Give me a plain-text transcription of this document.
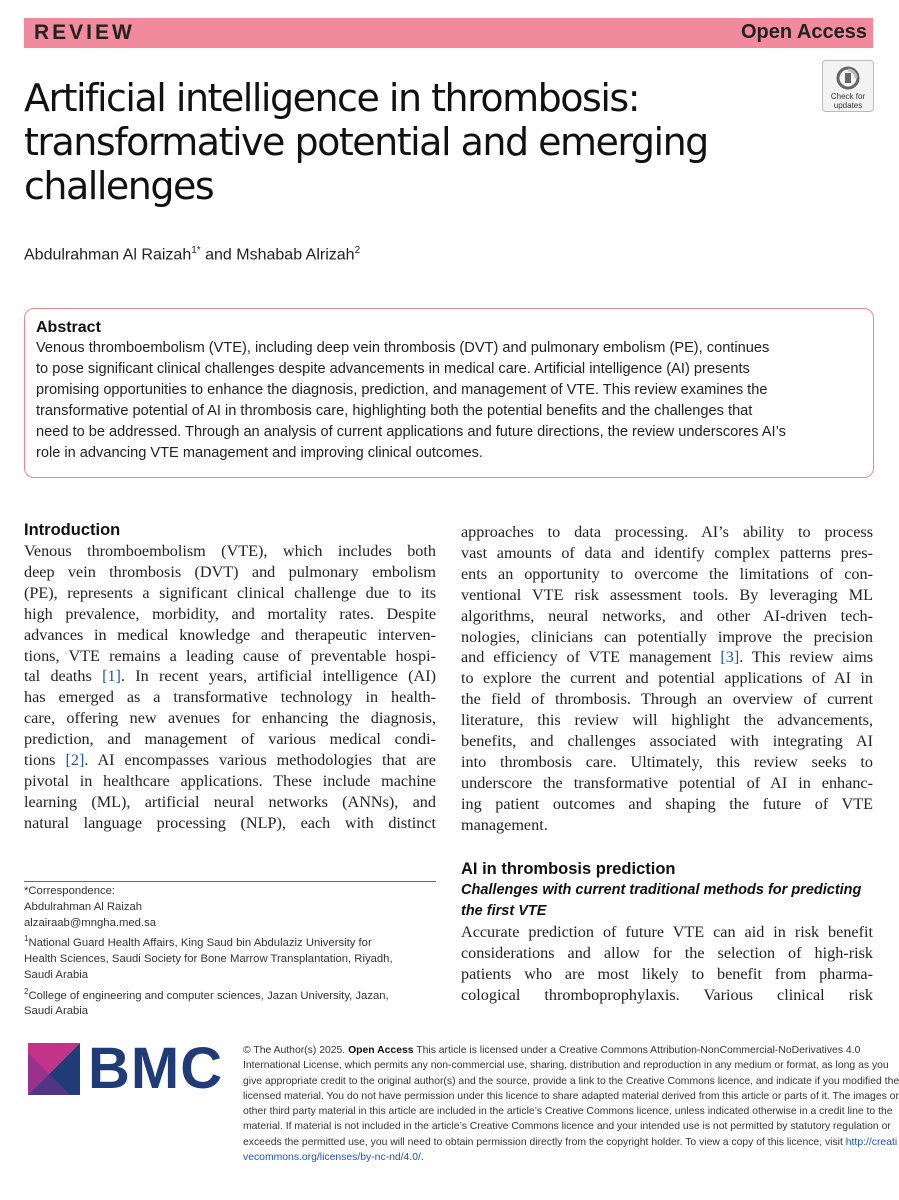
REVIEW	Open Access
Check for
updates
Artificial intelligence in thrombosis:
transformative potential and emerging
challenges
Abdulrahman Al Raizah$^{1*}$ and Mshabab Alrizah$^2$
Abstract
Venous thromboembolism (VTE), including deep vein thrombosis (DVT) and pulmonary embolism (PE), continues
to pose significant clinical challenges despite advancements in medical care. Artificial intelligence (AI) presents
promising opportunities to enhance the diagnosis, prediction, and management of VTE. This review examines the
transformative potential of AI in thrombosis care, highlighting both the potential benefits and the challenges that
need to be addressed. Through an analysis of current applications and future directions, the review underscores AI’s
role in advancing VTE management and improving clinical outcomes.
Introduction
Venous thromboembolism (VTE), which includes both
deep vein thrombosis (DVT) and pulmonary embolism
(PE), represents a significant clinical challenge due to its
high prevalence, morbidity, and mortality rates. Despite
advances in medical knowledge and therapeutic interven-
tions, VTE remains a leading cause of preventable hospi-
tal deaths [1]. In recent years, artificial intelligence (AI)
has emerged as a transformative technology in health-
care, offering new avenues for enhancing the diagnosis,
prediction, and management of various medical condi-
tions [2]. AI encompasses various methodologies that are
pivotal in healthcare applications. These include machine
learning (ML), artificial neural networks (ANNs), and
natural language processing (NLP), each with distinct
approaches to data processing. AI’s ability to process
vast amounts of data and identify complex patterns pres-
ents an opportunity to overcome the limitations of con-
ventional VTE risk assessment tools. By leveraging ML
algorithms, neural networks, and other AI-driven tech-
nologies, clinicians can potentially improve the precision
and efficiency of VTE management [3]. This review aims
to explore the current and potential applications of AI in
the field of thrombosis. Through an overview of current
literature, this review will highlight the advancements,
benefits, and challenges associated with integrating AI
into thrombosis care. Ultimately, this review seeks to
underscore the transformative potential of AI in enhanc-
ing patient outcomes and shaping the future of VTE
management.
AI in thrombosis prediction
Challenges with current traditional methods for predicting
the first VTE
Accurate prediction of future VTE can aid in risk benefit
considerations and allow for the selection of high-risk
patients who are most likely to benefit from pharma-
cological thromboprophylaxis. Various clinical risk
*Correspondence:
Abdulrahman Al Raizah
alzairaab@mngha.med.sa
$^1$National Guard Health Affairs, King Saud bin Abdulaziz University for
Health Sciences, Saudi Society for Bone Marrow Transplantation, Riyadh,
Saudi Arabia
$^2$College of engineering and computer sciences, Jazan University, Jazan,
Saudi Arabia
BMC © The Author(s) 2025. Open Access This article is licensed under a Creative Commons Attribution-NonCommercial-NoDerivatives 4.0
International License, which permits any non-commercial use, sharing, distribution and reproduction in any medium or format, as long as you
give appropriate credit to the original author(s) and the source, provide a link to the Creative Commons licence, and indicate if you modified the
licensed material. You do not have permission under this licence to share adapted material derived from this article or parts of it. The images or
other third party material in this article are included in the article’s Creative Commons licence, unless indicated otherwise in a credit line to the
material. If material is not included in the article’s Creative Commons licence and your intended use is not permitted by statutory regulation or
exceeds the permitted use, you will need to obtain permission directly from the copyright holder. To view a copy of this licence, visit http://creati
vecommons.org/licenses/by-nc-nd/4.0/.
